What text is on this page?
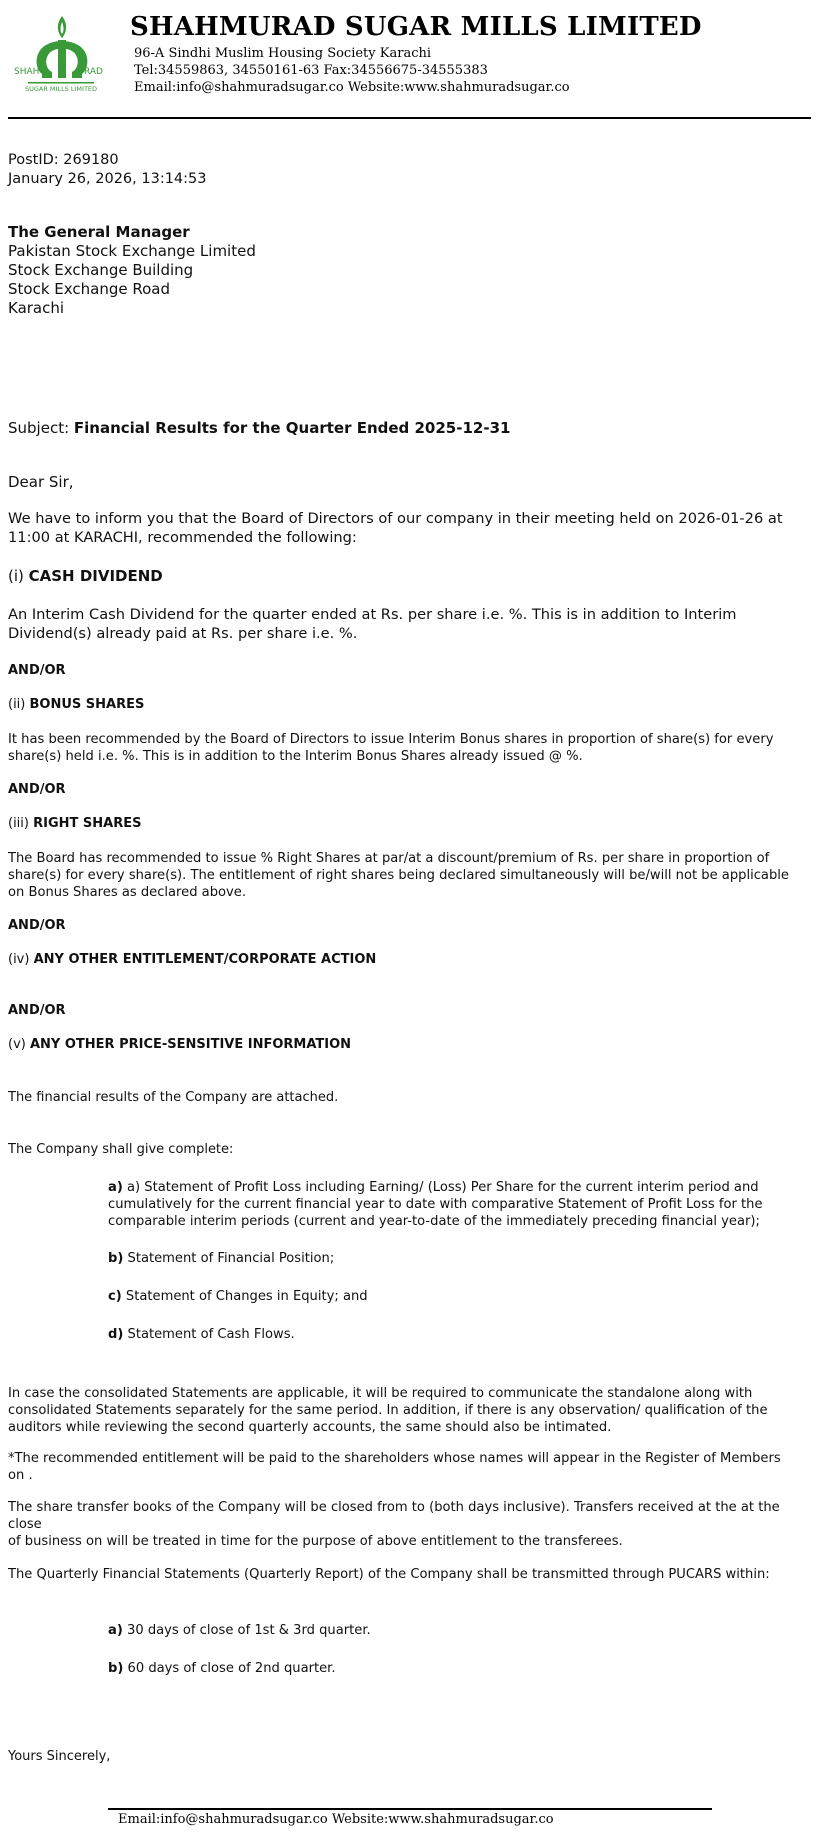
SHAH	RAD
SUGAR MILLS LIMITED
SHAHMURAD SUGAR MILLS LIMITED
96-A Sindhi Muslim Housing Society Karachi
Tel:34559863, 34550161-63 Fax:34556675-34555383
Email:info@shahmuradsugar.co Website:www.shahmuradsugar.co
PostID: 269180
January 26, 2026, 13:14:53
The General Manager
Pakistan Stock Exchange Limited
Stock Exchange Building
Stock Exchange Road
Karachi
Subject: Financial Results for the Quarter Ended 2025-12-31
Dear Sir,
We have to inform you that the Board of Directors of our company in their meeting held on 2026-01-26 at 11:00 at KARACHI, recommended the following:
(i) CASH DIVIDEND
An Interim Cash Dividend for the quarter ended at Rs. per share i.e. %. This is in addition to Interim Dividend(s) already paid at Rs. per share i.e. %.
AND/OR
(ii) BONUS SHARES
It has been recommended by the Board of Directors to issue Interim Bonus shares in proportion of share(s) for every share(s) held i.e. %. This is in addition to the Interim Bonus Shares already issued @ %.
AND/OR
(iii) RIGHT SHARES
The Board has recommended to issue % Right Shares at par/at a discount/premium of Rs. per share in proportion of share(s) for every share(s). The entitlement of right shares being declared simultaneously will be/will not be applicable on Bonus Shares as declared above.
AND/OR
(iv) ANY OTHER ENTITLEMENT/CORPORATE ACTION
AND/OR
(v) ANY OTHER PRICE-SENSITIVE INFORMATION
The financial results of the Company are attached.
The Company shall give complete:
a) a) Statement of Profit Loss including Earning/ (Loss) Per Share for the current interim period and cumulatively for the current financial year to date with comparative Statement of Profit Loss for the comparable interim periods (current and year-to-date of the immediately preceding financial year);
b) Statement of Financial Position;
c) Statement of Changes in Equity; and
d) Statement of Cash Flows.
In case the consolidated Statements are applicable, it will be required to communicate the standalone along with consolidated Statements separately for the same period. In addition, if there is any observation/ qualification of the auditors while reviewing the second quarterly accounts, the same should also be intimated.
*The recommended entitlement will be paid to the shareholders whose names will appear in the Register of Members on .
The share transfer books of the Company will be closed from to (both days inclusive). Transfers received at the at the close
of business on will be treated in time for the purpose of above entitlement to the transferees.
The Quarterly Financial Statements (Quarterly Report) of the Company shall be transmitted through PUCARS within:
a) 30 days of close of 1st & 3rd quarter.
b) 60 days of close of 2nd quarter.
Yours Sincerely,
Email:info@shahmuradsugar.co Website:www.shahmuradsugar.co
